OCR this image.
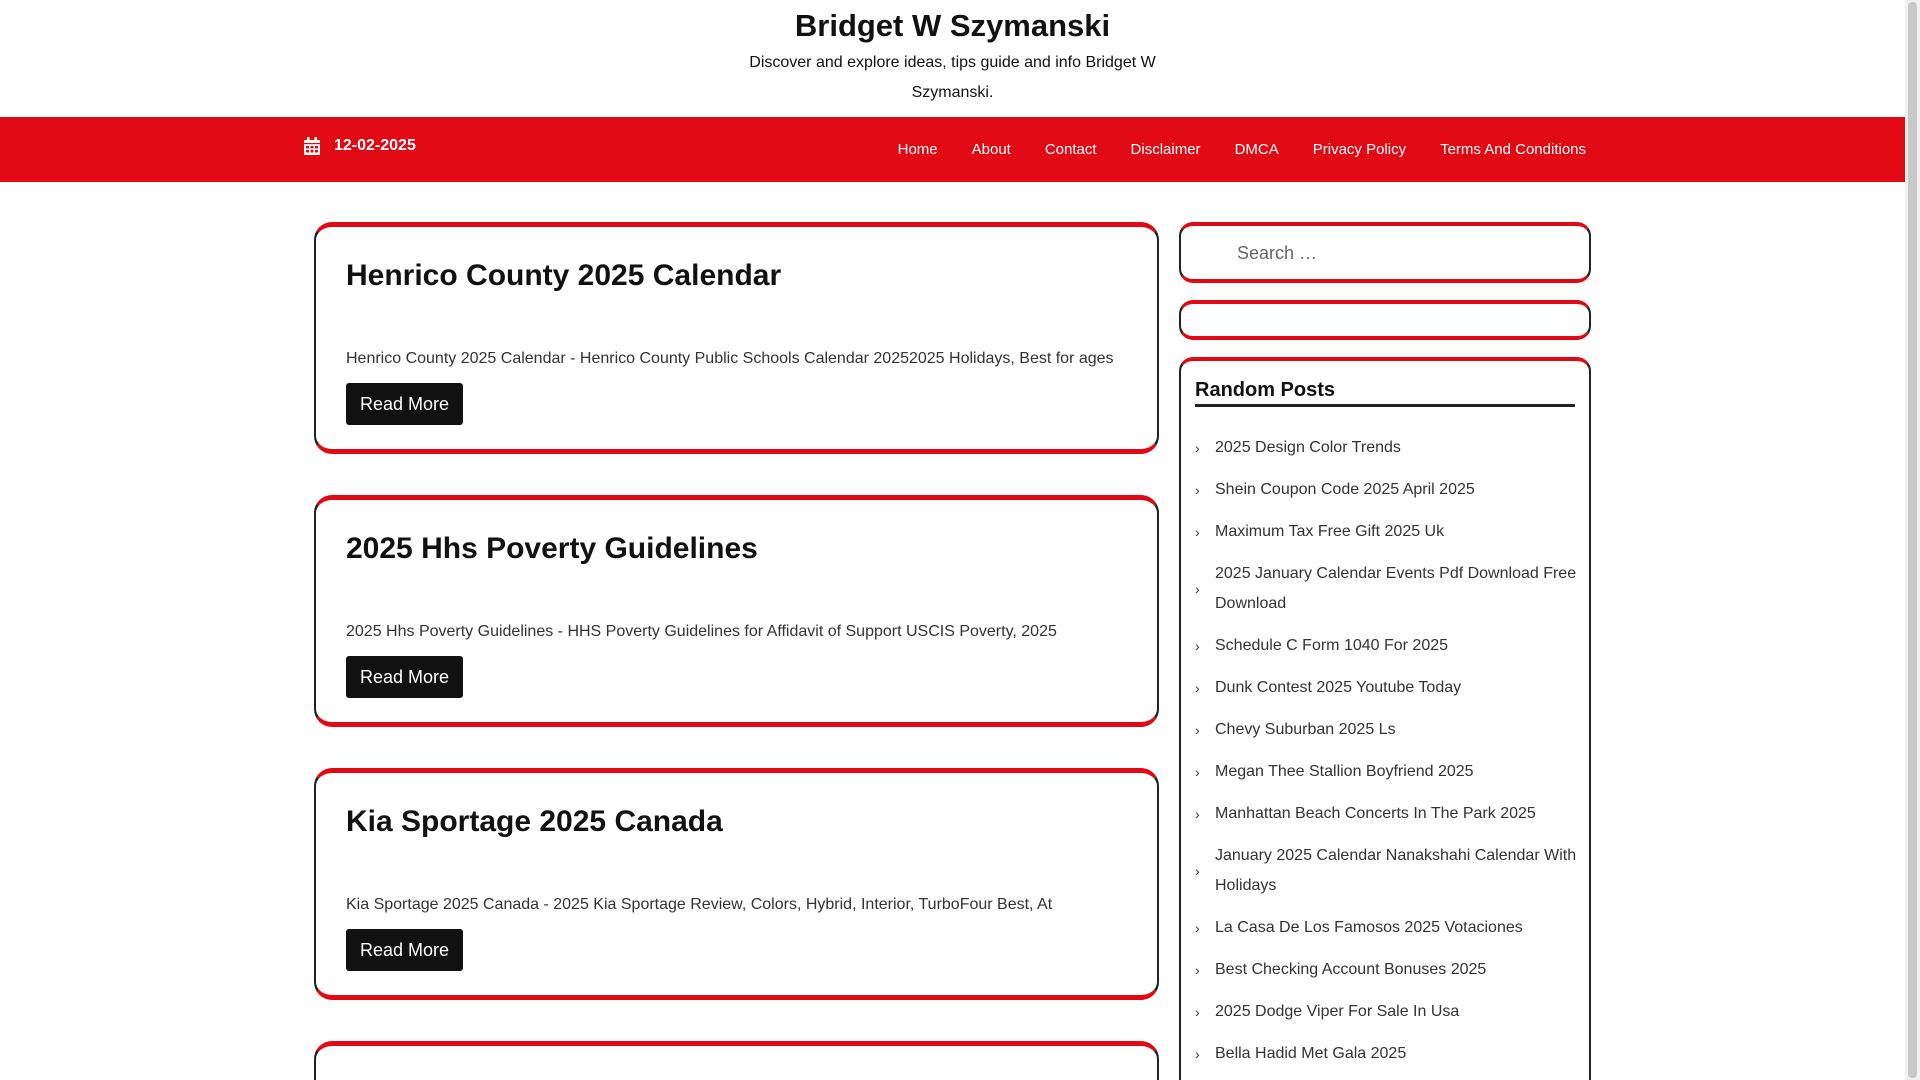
Bridget W Szymanski
Discover and explore ideas, tips guide and info Bridget W Szymanski.
12-02-2025	Home About Contact Disclaimer DMCA Privacy Policy Terms And Conditions
Henrico County 2025 Calendar

Henrico County 2025 Calendar - Henrico County Public Schools Calendar 20252025 Holidays, Best for ages

Read More
2025 Hhs Poverty Guidelines

2025 Hhs Poverty Guidelines - HHS Poverty Guidelines for Affidavit of Support USCIS Poverty, 2025

Read More
Kia Sportage 2025 Canada

Kia Sportage 2025 Canada - 2025 Kia Sportage Review, Colors, Hybrid, Interior, TurboFour Best, At

Read More
Search …
Random Posts
› 2025 Design Color Trends
› Shein Coupon Code 2025 April 2025
› Maximum Tax Free Gift 2025 Uk
›
2025 January Calendar Events Pdf Download Free Download
› Schedule C Form 1040 For 2025
› Dunk Contest 2025 Youtube Today
› Chevy Suburban 2025 Ls
› Megan Thee Stallion Boyfriend 2025
› Manhattan Beach Concerts In The Park 2025
›
January 2025 Calendar Nanakshahi Calendar With Holidays
› La Casa De Los Famosos 2025 Votaciones
› Best Checking Account Bonuses 2025
› 2025 Dodge Viper For Sale In Usa
› Bella Hadid Met Gala 2025
